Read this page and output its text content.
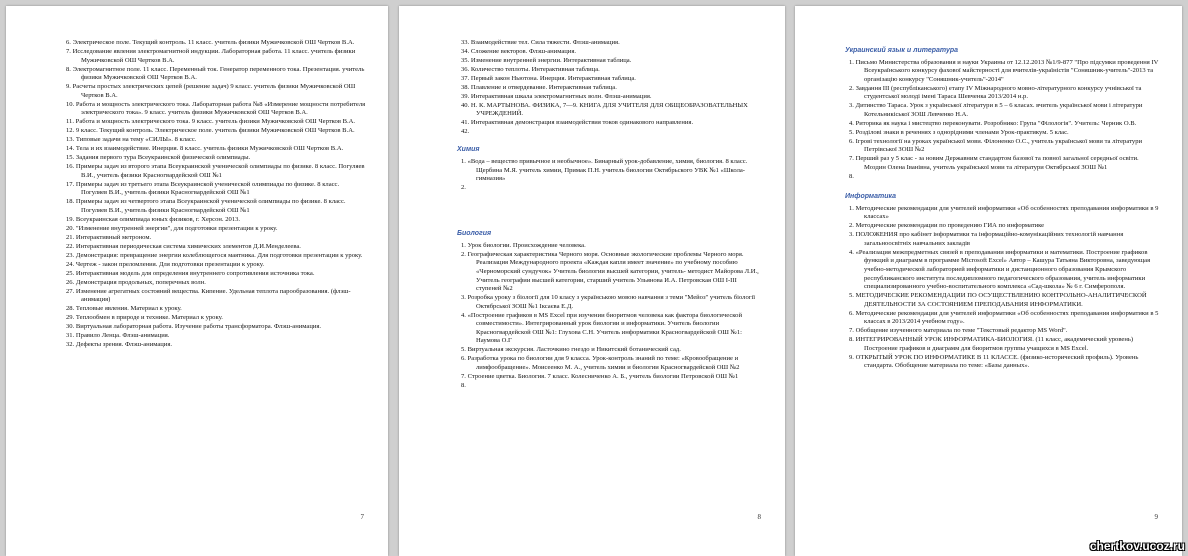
6. Электрическое поле. Текущий контроль. 11 класс. учитель физики Мужичковской ОШ Чертков В.А.
7. Исследование явления электромагнитной индукции. Лабораторная работа. 11 класс. учитель физики Мужичковской ОШ Чертков В.А.
8. Электромагнитное поле. 11 класс. Переменный ток. Генератор переменного тока. Презентация. учитель физики Мужичковской ОШ Чертков В.А.
9. Расчеты простых электрических цепей (решение задач) 9 класс. учитель физики Мужичковской ОШ Чертков В.А.
10. Работа и мощность электрического тока. Лабораторная работа №8 «Измерение мощности потребителя электрического тока». 9 класс. учитель физики Мужичковской ОШ Чертков В.А.
11. Работа и мощность электрического тока. 9 класс. учитель физики Мужичковской ОШ Чертков В.А.
12. 9 класс. Текущий контроль. Электрическое поле. учитель физики Мужичковской ОШ Чертков В.А.
13. Типовые задачи на тему «СИЛЫ». 8 класс.
14. Тела и их взаимодействие. Инерция. 8 класс. учитель физики Мужичковской ОШ Чертков В.А.
15. Задания первого тура Всеукраинской физической олимпиады.
16. Примеры задач из второго этапа Всеукраинской ученической олимпиады по физике. 8 класс. Погуляев В.И., учитель физики Красногвардейской ОШ №1
17. Примеры задач из третьего этапа Всеукраинской ученической олимпиады по физике. 8 класс. Погуляев В.И., учитель физики Красногвардейской ОШ №1
18. Примеры задач из четвертого этапа Всеукраинской ученической олимпиады по физике. 8 класс. Погуляев В.И., учитель физики Красногвардейской ОШ №1
19. Всеукраинская олимпиада юных физиков, г. Херсон. 2013.
20. "Изменение внутренней энергии", для подготовки презентации к уроку.
21. Интерактивный метроном.
22. Интерактивная периодическая система химических элементов Д.И.Менделеева.
23. Демонстрация: превращение энергии колеблющегося маятника. Для подготовки презентации к уроку.
24. Чертеж - закон преломления. Для подготовки презентации к уроку.
25. Интерактивная модель для определения внутреннего сопротивления источника тока.
26. Демонстрация продольных, поперечных волн.
27. Изменение агрегатных состояний вещества. Кипение. Удельная теплота парообразования. (флэш-анимация)
28. Тепловые явления. Материал к уроку.
29. Теплообмен в природе и технике. Материал к уроку.
30. Виртуальная лабораторная работа. Изучение работы трансформатора. Флэш-анимация.
31. Правило Ленца. Флэш-анимация.
32. Дефекты зрения. Флэш-анимация.
7
33. Взаимодействие тел. Сила тяжести. Флэш-анимация.
34. Сложение векторов. Флэш-анимация.
35. Изменение внутренней энергии. Интерактивная таблица.
36. Количество теплоты. Интерактивная таблица.
37. Первый закон Ньютона. Инерция. Интерактивная таблица.
38. Плавление и отвердевание. Интерактивная таблица.
39. Интерактивная шкала электромагнитных волн. Флэш-анимация.
40. Н. К. МАРТЫНОВА. ФИЗИКА, 7—9. КНИГА ДЛЯ УЧИТЕЛЯ ДЛЯ ОБЩЕОБРАЗОВАТЕЛЬНЫХ УЧРЕЖДЕНИЙ.
41. Интерактивная демонстрация взаимодействия токов одинакового направления.
42.
Химия
1. «Вода – вещество привычное и необычное». Бинарный урок-добавление, химия, биология. 8 класс. Щербина М.Я. учитель химии, Примак П.Н. учитель биологии Октябрьского УВК №1 «Школа-гимназия»
2.
Биология
1. Урок биологии. Происхождение человека.
2. Географическая характеристика Черного моря. Основные экологические проблемы Черного моря. Реализация Международного проекта «Каждая капля имеет значение» по учебному пособию «Черноморский сундучок» Учитель биологии высшей категории, учитель- методист Майорова Л.И., Учитель географии высшей категории, старший учитель Ульянова И.А. Петровская ОШ I-III ступеней №2
3. Розробка уроку з біології для 10 класу з українською мовою навчання з теми "Мейоз" учитель біології Октябрської ЗОШ №1 Іксаєва Е.Д.
4. «Построение графиков в MS Excel при изучении биоритмов человека как фактора биологической совместимости». Интегрированный урок биологии и информатики. Учитель биологии Красногвардейской ОШ №1: Глухова С.Н. Учитель информатики Красногвардейской ОШ №1: Наумова О.Г
5. Виртуальная экскурсия. Ласточкино гнездо и Никитский ботанический сад.
6. Разработка урока по биологии для 9 класса. Урок-контроль знаний по теме: «Кровообращение и лимфообращение». Моисеенко М. А., учитель химии и биологии Красногвардейской ОШ №2
7. Строение цветка. Биология. 7 класс. Колесниченко А. Б., учитель биологии Петровской ОШ №1
8.
8
Украинский язык и литература
1. Письмо Министерства образования и науки Украины от 12.12.2013 №1/9-877 "Про підсумки проведення IV Всеукраїнського конкурсу фахової майстерності для вчителів-україністів "Соняшник-учитель"-2013 та організацію конкурсу "Соняшник-учитель"-2014"
2. Завдання III (республіканського) етапу IV Міжнародного мовно-літературного конкурсу учнівської та студентської молоді імені Тараса Шевченка 2013/2014 н.р.
3. Дитинство Тараса. Урок з української літератури в 5 – 6 класах. вчитель української мови і літератури Котельникіської ЗОШ Левченко Н.А.
4. Риторика як наука і мистецтво переконувати. Розробнико: Група "Філологія". Учитель: Черник О.В.
5. Розділові знаки в реченнях з однорідними членами Урок-практикум. 5 клас.
6. Ігрові технології на уроках української мови. Філоненко О.С., учитель української мови та літератури Петрівської ЗОШ №2
7. Перший раз у 5 клас - за новим Державним стандартом базової та повної загальної середньої освіти. Моздин Олена Іванівна, учитель української мови та літератури Октябрської ЗОШ №1
8.
Информатика
1. Методические рекомендации для учителей информатики «Об особенностях преподавания информатики в 9 классах»
2. Методические рекомендации по проведению ГИА по информатике
3. ПОЛОЖЕНИЯ про кабінет інформатики та інформаційно-комунікаційних технологій навчання загальноосвітніх навчальних закладів
4. «Реализация межпредметных связей в преподавании информатики и математики. Построение графиков функций и диаграмм в программе Microsoft Excel» Автор – Кашура Татьяна Викторовна, заведующая учебно-методической лабораторией информатики и дистанционного образования Крымского республиканского института последипломного педагогического образования, учитель информатики специализированного учебно-воспитательного комплекса «Сад-школа» № 6 г. Симферополя.
5. МЕТОДИЧЕСКИЕ РЕКОМЕНДАЦИИ ПО ОСУЩЕСТВЛЕНИЮ КОНТРОЛЬНО-АНАЛИТИЧЕСКОЙ ДЕЯТЕЛЬНОСТИ ЗА СОСТОЯНИЕМ ПРЕПОДАВАНИЯ ИНФОРМАТИКИ.
6. Методические рекомендации для учителей информатики «Об особенностях преподавания информатики в 5 классах в 2013/2014 учебном году».
7. Обобщение изученного материала по теме "Текстовый редактор MS Word".
8. ИНТЕГРИРОВАННЫЙ УРОК ИНФОРМАТИКА-БИОЛОГИЯ. (11 класс, академический уровень) Построение графиков и диаграмм для биоритмов группы учащихся в MS Excel.
9. ОТКРЫТЫЙ УРОК ПО ИНФОРМАТИКЕ В 11 КЛАССЕ. (физико-исторический профиль). Уровень стандарта. Обобщение материала по теме: «Базы данных».
9
chertkov.ucoz.ru
